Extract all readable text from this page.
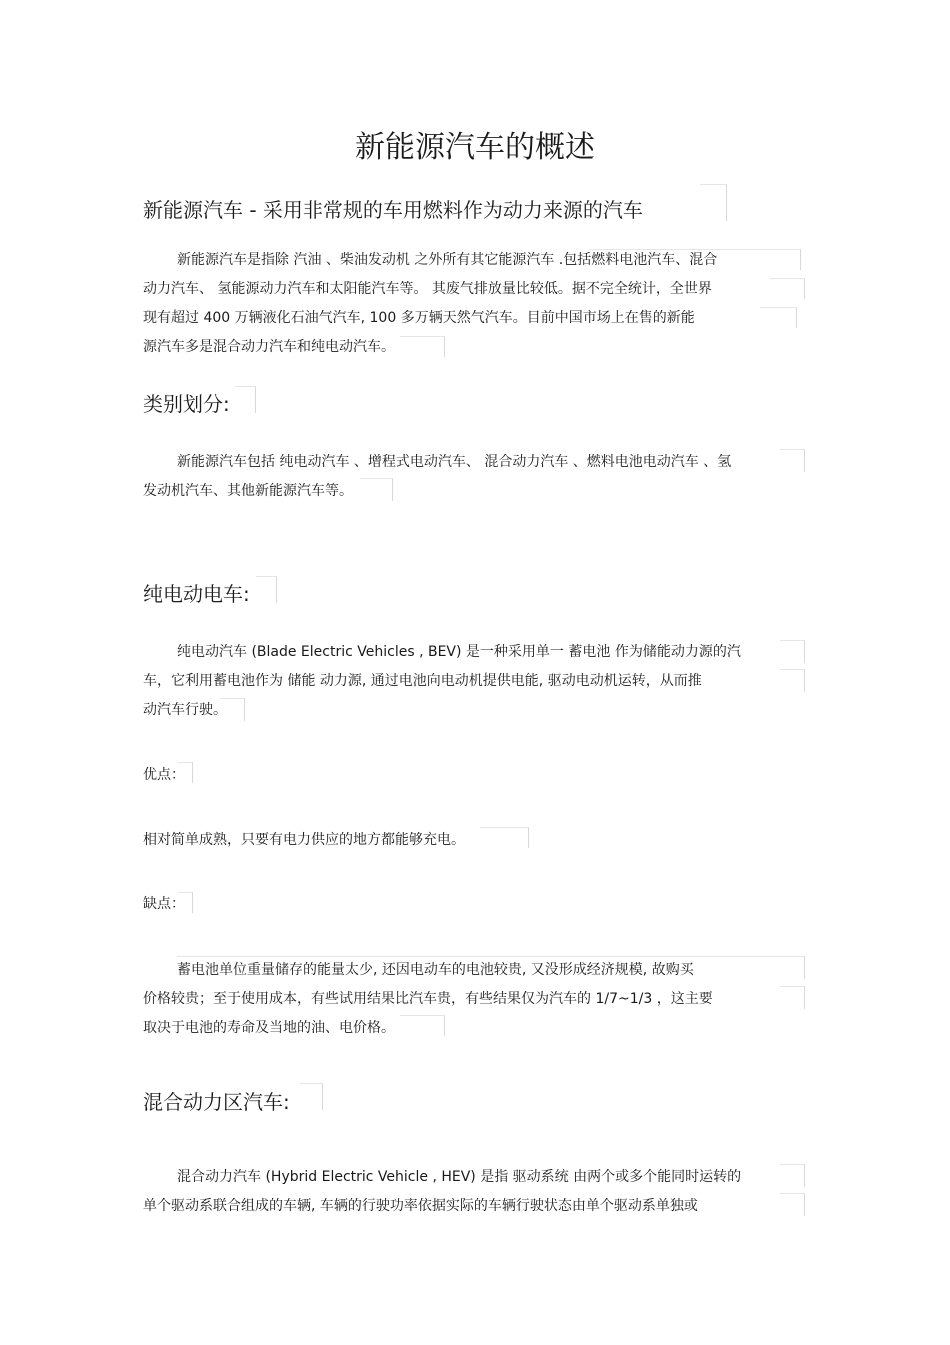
新能源汽车的概述
新能源汽车 - 采用非常规的车用燃料作为动力来源的汽车
新能源汽车是指除 汽油 、柴油发动机 之外所有其它能源汽车 .包括燃料电池汽车、混合
动力汽车、 氢能源动力汽车和太阳能汽车等。 其废气排放量比较低。据不完全统计，全世界
现有超过 400 万辆液化石油气汽车, 100 多万辆天然气汽车。目前中国市场上在售的新能
源汽车多是混合动力汽车和纯电动汽车。
类别划分:
新能源汽车包括 纯电动汽车 、增程式电动汽车、 混合动力汽车 、燃料电池电动汽车 、氢
发动机汽车、其他新能源汽车等。
纯电动电车:
纯电动汽车 (Blade Electric Vehicles , BEV) 是一种采用单一 蓄电池 作为储能动力源的汽
车，它利用蓄电池作为 储能 动力源, 通过电池向电动机提供电能, 驱动电动机运转，从而推
动汽车行驶。
优点：
相对简单成熟，只要有电力供应的地方都能够充电。
缺点：
蓄电池单位重量储存的能量太少, 还因电动车的电池较贵, 又没形成经济规模, 故购买
价格较贵；至于使用成本，有些试用结果比汽车贵，有些结果仅为汽车的 1/7~1/3 ，这主要
取决于电池的寿命及当地的油、电价格。
混合动力区汽车:
混合动力汽车 (Hybrid Electric Vehicle , HEV) 是指 驱动系统 由两个或多个能同时运转的
单个驱动系联合组成的车辆, 车辆的行驶功率依据实际的车辆行驶状态由单个驱动系单独或
